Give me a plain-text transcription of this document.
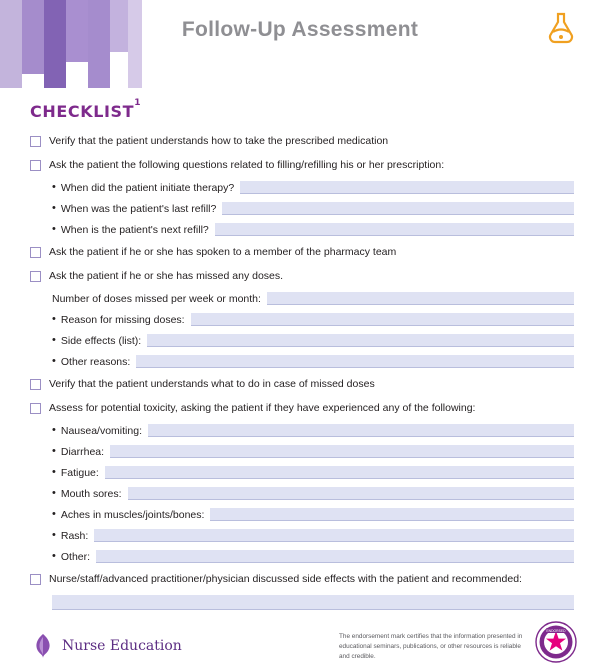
Follow-Up Assessment
CHECKLIST$^1$
Verify that the patient understands how to take the prescribed medication
Ask the patient the following questions related to filling/refilling his or her prescription:
• When did the patient initiate therapy?
• When was the patient's last refill?
• When is the patient's next refill?
Ask the patient if he or she has spoken to a member of the pharmacy team
Ask the patient if he or she has missed any doses.
Number of doses missed per week or month:
• Reason for missing doses:
• Side effects (list):
• Other reasons:
Verify that the patient understands what to do in case of missed doses
Assess for potential toxicity, asking the patient if they have experienced any of the following:
• Nausea/vomiting:
• Diarrhea:
• Fatigue:
• Mouth sores:
• Aches in muscles/joints/bones:
• Rash:
• Other:
Nurse/staff/advanced practitioner/physician discussed side effects with the patient and recommended:
Nurse Education
The endorsement mark certifies that the information presented in educational seminars, publications, or other resources is reliable and credible.
ENDORSED
